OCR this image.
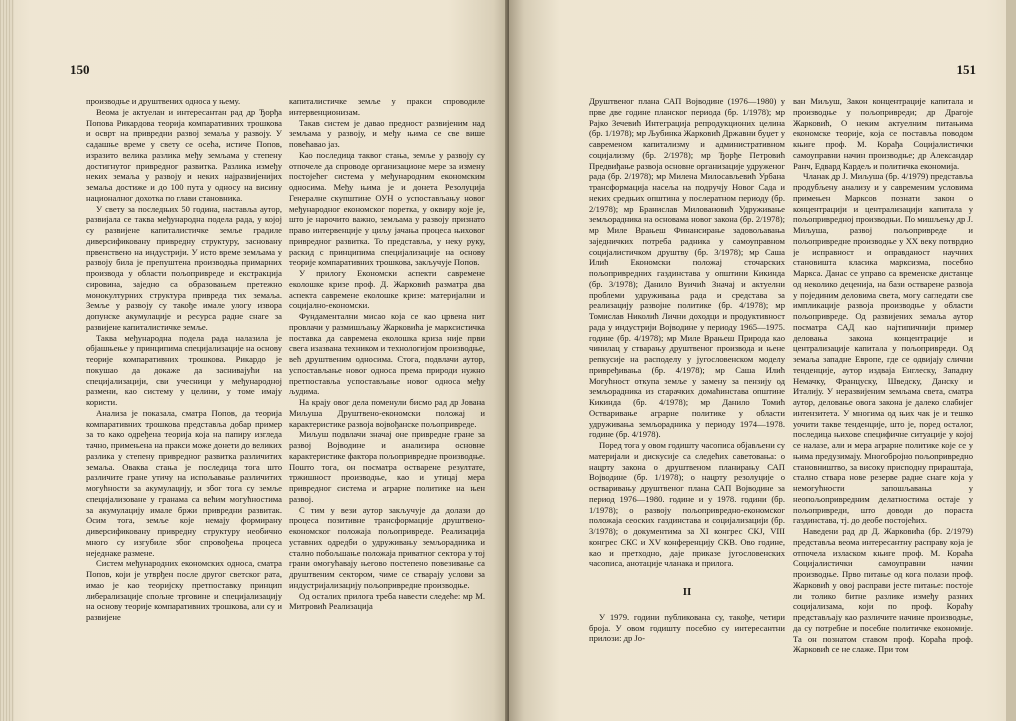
150

производње и друштвених односа у њему.

Веома је актуелан и интересантан рад др Ђорђа Попова Рикардова теорија компаративних трошкова и осврт на привредни развој земаља у развоју. У садашње време у свету се осећа, истиче Попов, изразито велика разлика међу земљама у степену достигнутог привредног развитка. Разлика између неких земаља у развоју и неких најразвијенијих земаља достиже и до 100 пута у односу на висину националног дохотка по глави становника.

У свету за последњих 50 година, наставља аутор, развијала се таква међународна подела рада, у којој су развијене капиталистичке земље градиле диверсификовану привредну структуру, засновану првенствено на индустрији. У исто време земљама у развоју била је препуштена производња примарних производа у области пољопривреде и екстракција сировина, заједно са образовањем претежно монокултурних структура привреда тих земаља. Земље у развоју су такође имале улогу извора допунске акумулације и ресурса радне снаге за развијене капиталистичке земље.

Таква међународна подела рада налазила је објашњење у принципима специјализације на основу теорије компаративних трошкова. Рикардо је покушао да докаже да заснивајући на специјализацији, сви учесници у међународној размени, као систему у целини, у томе имају користи.

Анализа је показала, сматра Попов, да теорија компаративних трошкова представља добар пример за то како одређена теорија која на папиру изгледа тачно, примењена на пракси може донети до великих разлика у степену привредног развитка различитих земаља. Оваква стања је последица тога што различите гране утичу на испољавање различитих могућности за акумулацију, и због тога су земље специјализоване у гранама са већим могућностима за акумулацију имале бржи привредни развитак. Осим тога, земље које немају формирану диверсификовану привредну структуру необично много су изгубиле због спровођења процеса неједнаке размене.

Систем међународних економских односа, сматра Попов, који је утврђен после другог светског рата, имао је као теоријску претпоставку принцип либерализације спољне трговине и специјализацију на основу теорије компаративних трошкова, али су и развијене

капиталистичке земље у пракси спроводиле интервенционизам.

Такав систем је давао предност развијеним над земљама у развоју, и међу њима се све више повећавао јаз.

Као последица таквог стања, земље у развоју су отпочеле да спроводе организационе мере за измену постојећег система у међународним економским односима. Међу њима је и донета Резолуција Генералне скупштине ОУН о успостављању новог међународног економског поретка, у оквиру које је, што је нарочито важно, земљама у развоју признато право интервенције у циљу јачања процеса њиховог привредног развитка. То представља, у неку руку, раскид с принципима специјализације на основу теорије компаративних трошкова, закључује Попов.

У прилогу Економски аспекти савремене еколошке кризе проф. Д. Жарковић разматра два аспекта савремене еколошке кризе: материјални и социјално-економски.

Фундаментални мисао која се као црвена нит провлачи у размишљању Жарковића је марксистичка поставка да савремена еколошка криза није први свега изазвана техником и технологијом производње, већ друштвеним односима. Стога, подвлачи аутор, успостављање новог односа према природи нужно претпоставља успостављање новог односа међу људима.

На крају овог дела поменули бисмо рад др Јована Миљуша Друштвено-економски положај и карактеристике развоја војвођанске пољопривреде.

Миљуш подвлачи значај оне привредне гране за развој Војводине и анализира основне карактеристике фактора пољопривредне производње. Пошто тога, он посматра остварене резултате, тржишност производње, као и утицај мера привредног система и аграрне политике на њен развој.

С тим у вези аутор закључује да долази до процеса позитивне трансформације друштвено-економског положаја пољопривреде. Реализација уставних одредби о удруживању земљорадника и стално побољшање положаја приватног сектора у тој грани омогућавају његово постепено повезивање са друштвеним сектором, чиме се стварају услови за индустријализацију пољопривредне производње.

Од осталих прилога треба навести следеће: мр М. Митровић Реализација

151

Друштвеног плана САП Војводине (1976—1980) у прве две године планског периода (бр. 1/1978); мр Рајко Зечевић Интеграција репродукционих целина (бр. 1/1978); мр Љубинка Жарковић Државни буџет у савременом капитализму и административном социјализму (бр. 2/1978); мр Ђорђе Петровић Предвиђање развоја основне организације удруженог рада (бр. 2/1978); мр Милена Милосављевић Урбана трансформација насеља на подручју Новог Сада и неких средњих општина у послератном периоду (бр. 2/1978); мр Бранислав Миловановић Удруживање земљорадника на основама новог закона (бр. 2/1978); мр Миле Врањеш Финансирање задовољавања заједничких потреба радника у самоуправном социјалистичком друштву (бр. 3/1978); мр Саша Илић Економски положај сточарских пољопривредних газдинстава у општини Кикинда (бр. 3/1978); Данило Вуичић Значај и актуелни проблеми удруживања рада и средстава за реализацију развојне политике (бр. 4/1978); мр Томислав Николић Лични доходци и продуктивност рада у индустрији Војводине у периоду 1965—1975. године (бр. 4/1978); мр Миле Врањеш Природа као чинилац у стварању друштвеног производа и њене репкусије на расподелу у југословенском моделу привређивања (бр. 4/1978); мр Саша Илић Могућност откупа земље у замену за пензију од земљорадника из старачких домаћинстава општине Кикинда (бр. 4/1978); мр Данило Томић Оствaривање аграрне политике у области удруживања земљорадника у периоду 1974—1978. године (бр. 4/1978).

Поред тога у овом годишту часописа објављени су материјали и дискусије са следећих саветовања: о нацрту закона о друштвеном планирању САП Војводине (бр. 1/1978); о нацрту резолуције о остваривању друштвеног плана САП Војводине за период 1976—1980. године и у 1978. години (бр. 1/1978); о развоју пољопривредно-економског положаја сеоских газдинстава и социјализацији (бр. 3/1978); о документима за XI конгрес СКЈ, VIII конгрес СКС и XV конференцију СКВ. Ово године, као и претходно, даје приказе југословенских часописа, анотације чланака и прилога.

II

У 1979. години публикована су, такође, четири броја. У овом годишту посебно су интересантни прилози: др Јо-

ван Миљуш, Закон концентрације капитала и производње у пољопривреди; др Драгоје Жарковић, О неким актуелним питањима економске теорије, која се поставља поводом књиге проф. М. Корађа Социјалистички самоуправни начин производње; др Александар Ранч, Едвард Кардељ и политичка економија.

Чланак др Ј. Миљуша (бр. 4/1979) представља продубљену анализу и у савременим условима примењен Марксов познати закон о концентрацији и централизацији капитала у пољопривредној производњи. По мишљењу др Ј. Миљуша, развој пољопривреде и пољопривредне производње у XX веку потврдио је исправност и оправданост научних становишта класика марксизма, посебно Маркса. Данас се управо са временске дистанце од неколико деценија, на бази остварене развоја у појединим деловима света, могу сагледати све импликације развоја производње у области пољопривреде. Од развијених земаља аутор посматра САД као најтипичнији пример деловања закона концентрације и централизације капитала у пољопривреди. Од земаља западне Европе, где се одвијају слични тенденције, аутор издваја Енглеску, Западну Немачку, Француску, Шведску, Данску и Италију. У неразвијеним земљама света, сматра аутор, деловање овога закона је далеко слабијег интензитета. У многима од њих чак је и тешко уочити такве тенденције, што је, поред осталог, последица њихове специфичне ситуације у којој се налазе, али и мера аграрне политике које се у њима предузимају. Многобројно пољопривредно становништво, за високу присподну прираштаја, стално ствара нове резерве радне снаге која у немогућности запошљавања у неопољопривредним делатностима остаје у пољопривреди, што доводи до пораста газдинстава, тј. до деобе постојећих.

Наведени рад др Д. Жарковића (бр. 2/1979) представља веома интересантну расправу која је отпочела изласком књиге проф. М. Кораћа Социјалистички самоуправни начин производње. Прво питање од кога полази проф. Жарковић у овој расправи јесте питање: постоје ли толико битне разлике између разних социјализама, који по проф. Кораћу представљају као различите начине производње, да су потребне и посебне политичке економије. Та он познатом ставом проф. Кораћа проф. Жарковић се не слаже. При том
